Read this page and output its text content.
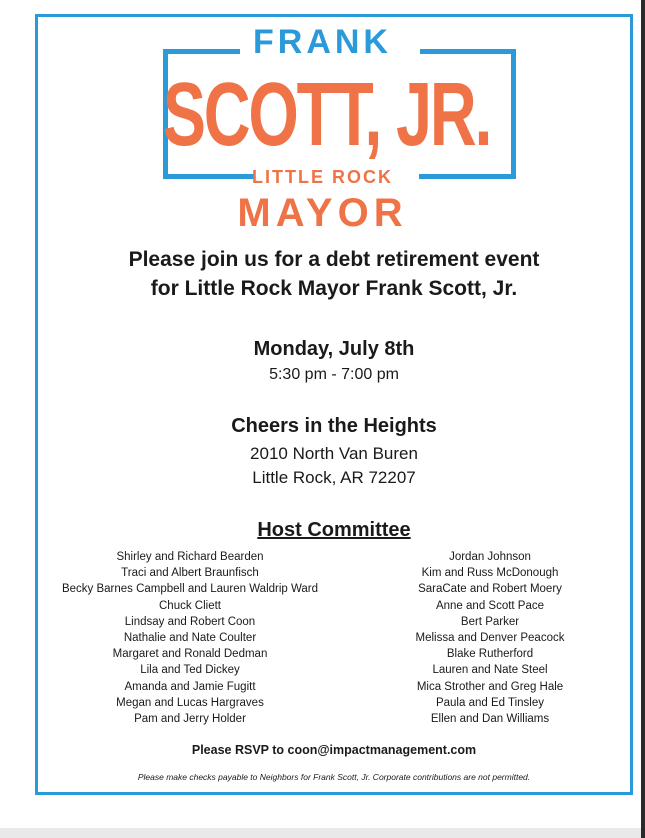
FRANK
SCOTT, JR.
LITTLE ROCK
MAYOR
Please join us for a debt retirement event
for Little Rock Mayor Frank Scott, Jr.
Monday, July 8th
5:30 pm - 7:00 pm
Cheers in the Heights
2010 North Van Buren
Little Rock, AR 72207
Host Committee
Shirley and Richard Bearden
Traci and Albert Braunfisch
Becky Barnes Campbell and Lauren Waldrip Ward
Chuck Cliett
Lindsay and Robert Coon
Nathalie and Nate Coulter
Margaret and Ronald Dedman
Lila and Ted Dickey
Amanda and Jamie Fugitt
Megan and Lucas Hargraves
Pam and Jerry Holder
Jordan Johnson
Kim and Russ McDonough
SaraCate and Robert Moery
Anne and Scott Pace
Bert Parker
Melissa and Denver Peacock
Blake Rutherford
Lauren and Nate Steel
Mica Strother and Greg Hale
Paula and Ed Tinsley
Ellen and Dan Williams
Please RSVP to coon@impactmanagement.com
Please make checks payable to Neighbors for Frank Scott, Jr. Corporate contributions are not permitted.
